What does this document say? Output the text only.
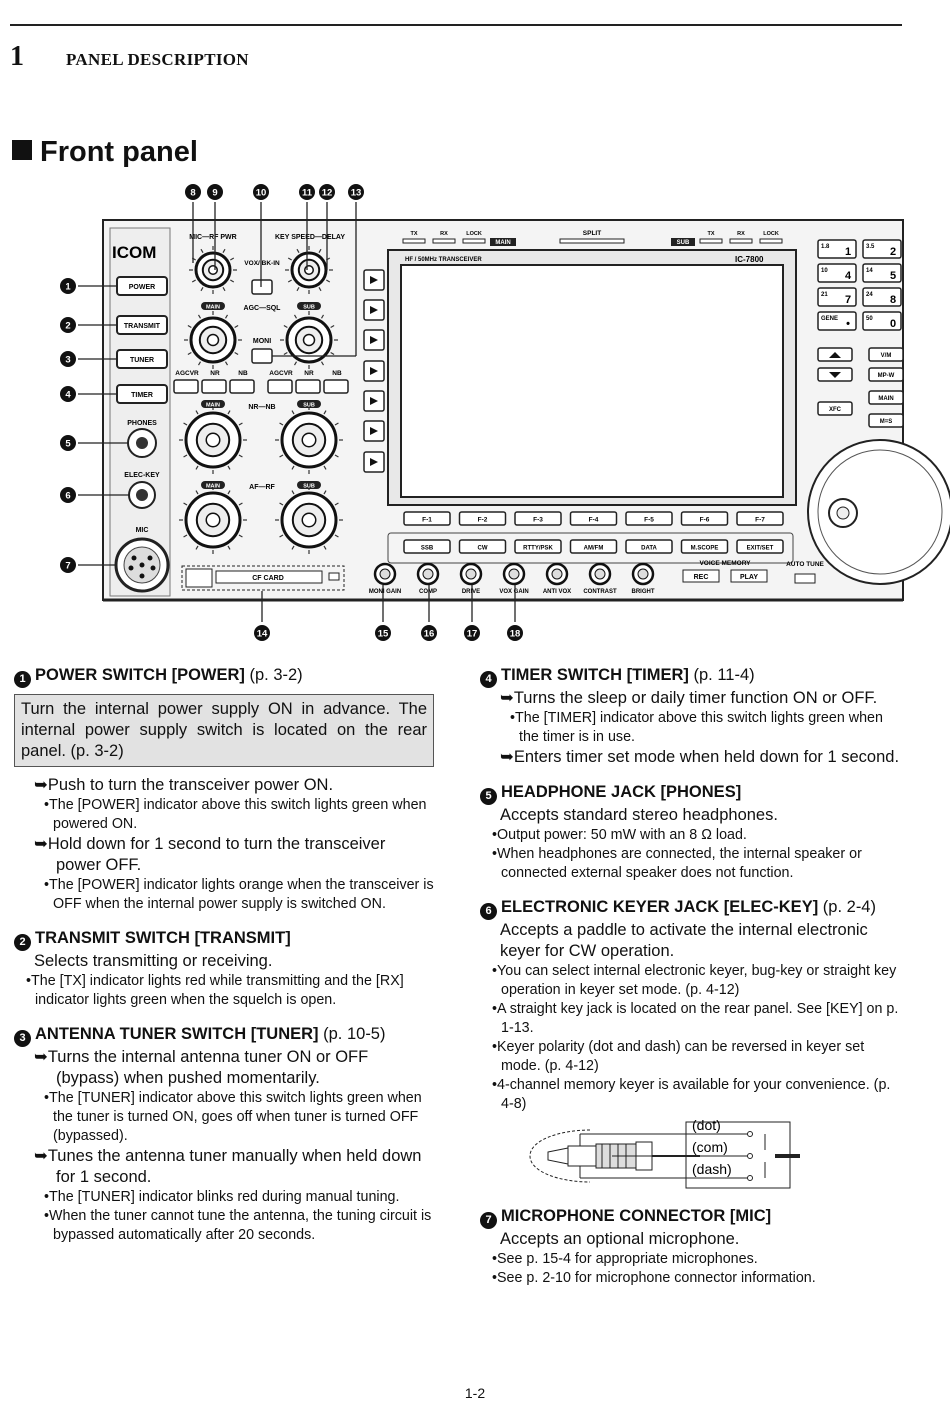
1 PANEL DESCRIPTION
Front panel
ICOM
POWER
TRANSMIT
TUNER
TIMER
PHONES
ELEC-KEY
MIC
MIC—RF PWR	KEY SPEED—DELAY
VOX/ BK-IN
AGC—SQL
MONI
NR—NB
AF—RF
MAIN	SUB
MAIN	SUB
MAIN	SUB
AGCVR NR	NB	AGCVR NR	NB
HF / 50MHz TRANSCEIVER	IC-7800
TX	RX	LOCK	TX	RX	LOCK
MAIN
SPLIT
SUB
F-1	F-2	F-3	F-4	F-5	F-6	F-7
SSB	CW	RTTY/PSK	AM/FM	DATA	M.SCOPE	EXIT/SET
MONI GAIN	COMP	DRIVE	VOX GAIN ANTI VOX CONTRAST BRIGHT
VOICE MEMORY
REC	PLAY
AUTO TUNE
CF CARD
1.8 1 3.5 2
10 4 14 5
21 7 24 8
GENE •	50 0
V/M
MP-W
XFC
MAIN
M=S
8 9	10	11 12 13
1
2
3
4
5
6
7
14	15	16	17	18
1 POWER SWITCH [POWER] (p. 3-2)
Turn the internal power supply ON in advance. The internal power supply switch is located on the rear panel. (p. 3-2)
➥ Push to turn the transceiver power ON.
• The [POWER] indicator above this switch lights green when powered ON.
➥ Hold down for 1 second to turn the transceiver power OFF.
• The [POWER] indicator lights orange when the transceiver is OFF when the internal power supply is switched ON.
2 TRANSMIT SWITCH [TRANSMIT]
Selects transmitting or receiving.
• The [TX] indicator lights red while transmitting and the [RX] indicator lights green when the squelch is open.
3 ANTENNA TUNER SWITCH [TUNER] (p. 10-5)
➥ Turns the internal antenna tuner ON or OFF (bypass) when pushed momentarily.
• The [TUNER] indicator above this switch lights green when the tuner is turned ON, goes off when tuner is turned OFF (bypassed).
➥ Tunes the antenna tuner manually when held down for 1 second.
• The [TUNER] indicator blinks red during manual tuning.
• When the tuner cannot tune the antenna, the tuning circuit is bypassed automatically after 20 seconds.
4 TIMER SWITCH [TIMER] (p. 11-4)
➥ Turns the sleep or daily timer function ON or OFF.
• The [TIMER] indicator above this switch lights green when the timer is in use.
➥ Enters timer set mode when held down for 1 second.
5 HEADPHONE JACK [PHONES]
Accepts standard stereo headphones.
• Output power: 50 mW with an 8 Ω load.
• When headphones are connected, the internal speaker or connected external speaker does not function.
6 ELECTRONIC KEYER JACK [ELEC-KEY] (p. 2-4)
Accepts a paddle to activate the internal electronic keyer for CW operation.
• You can select internal electronic keyer, bug-key or straight key operation in keyer set mode. (p. 4-12)
• A straight key jack is located on the rear panel. See [KEY] on p. 1-13.
• Keyer polarity (dot and dash) can be reversed in keyer set mode. (p. 4-12)
• 4-channel memory keyer is available for your convenience. (p. 4-8)
(dot)
(com)
(dash)
7 MICROPHONE CONNECTOR [MIC]
Accepts an optional microphone.
• See p. 15-4 for appropriate microphones.
• See p. 2-10 for microphone connector information.
1-2
